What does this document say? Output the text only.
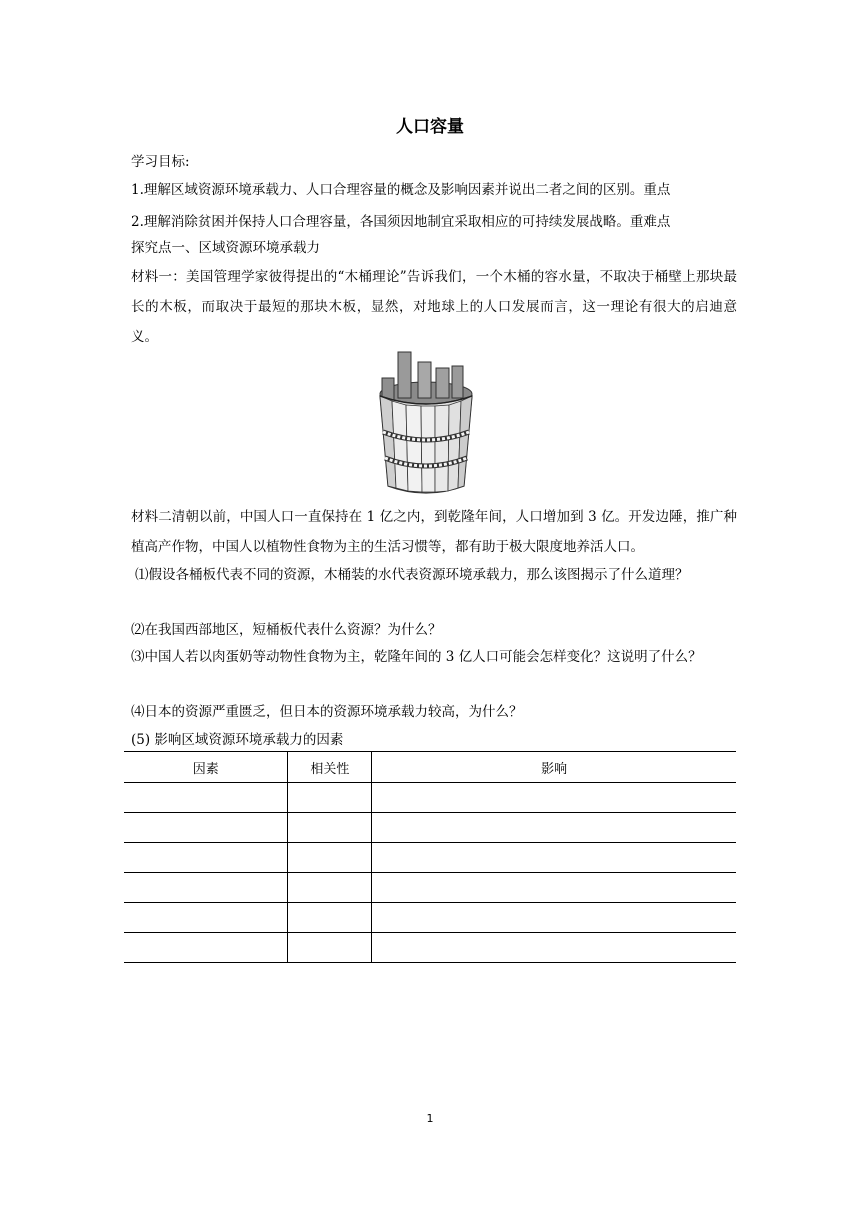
人口容量
学习目标:
1.理解区域资源环境承载力、人口合理容量的概念及影响因素并说出二者之间的区别。重点
2.理解消除贫困并保持人口合理容量，各国须因地制宜采取相应的可持续发展战略。重难点
探究点一、区域资源环境承载力
材料一：美国管理学家彼得提出的“木桶理论”告诉我们，一个木桶的容水量，不取决于桶壁上那块最长的木板，而取决于最短的那块木板，显然，对地球上的人口发展而言，这一理论有很大的启迪意义。
材料二清朝以前，中国人口一直保持在 1 亿之内，到乾隆年间，人口增加到 3 亿。开发边陲，推广种植高产作物，中国人以植物性食物为主的生活习惯等，都有助于极大限度地养活人口。
⑴假设各桶板代表不同的资源，木桶装的水代表资源环境承载力，那么该图揭示了什么道理？
⑵在我国西部地区，短桶板代表什么资源？为什么？
⑶中国人若以肉蛋奶等动物性食物为主，乾隆年间的 3 亿人口可能会怎样变化？这说明了什么？
⑷日本的资源严重匮乏，但日本的资源环境承载力较高，为什么？
(5) 影响区域资源环境承载力的因素
因素	相关性	影响

1
